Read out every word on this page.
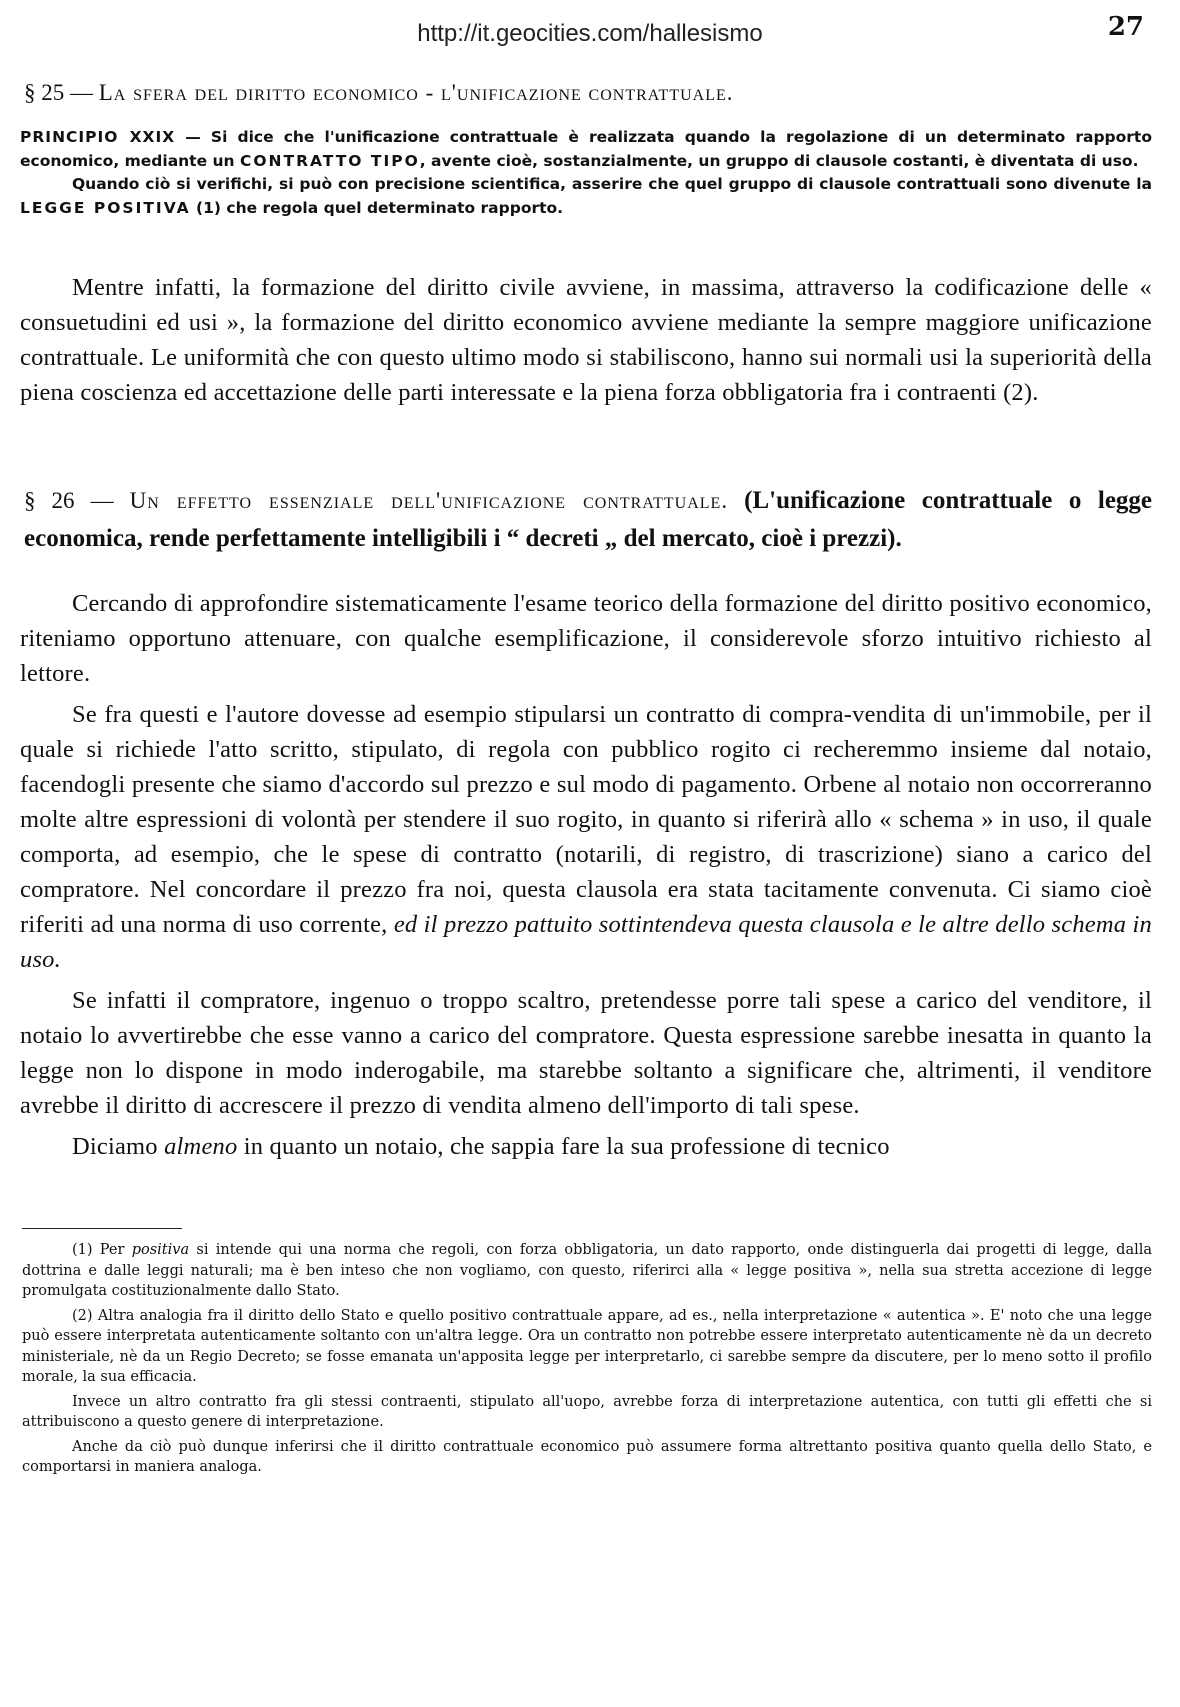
http://it.geocities.com/hallesismo	27
§ 25 — La sfera del diritto economico - l'unificazione contrattuale.

PRINCIPIO XXIX — Si dice che l'unificazione contrattuale è realizzata quando la regolazione di un determinato rapporto economico, mediante un CONTRATTO TIPO, avente cioè, sostanzialmente, un gruppo di clausole costanti, è diventata di uso.

Quando ciò si verifichi, si può con precisione scientifica, asserire che quel gruppo di clausole contrattuali sono divenute la LEGGE POSITIVA (1) che regola quel determinato rapporto.

Mentre infatti, la formazione del diritto civile avviene, in massima, attraverso la codificazione delle « consuetudini ed usi », la formazione del diritto economico avviene mediante la sempre maggiore unificazione contrattuale. Le uniformità che con questo ultimo modo si stabiliscono, hanno sui normali usi la superiorità della piena coscienza ed accettazione delle parti interessate e la piena forza obbligatoria fra i contraenti (2).

§ 26 — Un effetto essenziale dell'unificazione contrattuale. (L'unificazione contrattuale o legge economica, rende perfettamente intelligibili i “ decreti „ del mercato, cioè i prezzi).

Cercando di approfondire sistematicamente l'esame teorico della formazione del diritto positivo economico, riteniamo opportuno attenuare, con qualche esemplificazione, il considerevole sforzo intuitivo richiesto al lettore.

Se fra questi e l'autore dovesse ad esempio stipularsi un contratto di compra-vendita di un'immobile, per il quale si richiede l'atto scritto, stipulato, di regola con pubblico rogito ci recheremmo insieme dal notaio, facendogli presente che siamo d'accordo sul prezzo e sul modo di pagamento. Orbene al notaio non occorreranno molte altre espressioni di volontà per stendere il suo rogito, in quanto si riferirà allo « schema » in uso, il quale comporta, ad esempio, che le spese di contratto (notarili, di registro, di trascrizione) siano a carico del compratore. Nel concordare il prezzo fra noi, questa clausola era stata tacitamente convenuta. Ci siamo cioè riferiti ad una norma di uso corrente, ed il prezzo pattuito sottintendeva questa clausola e le altre dello schema in uso.

Se infatti il compratore, ingenuo o troppo scaltro, pretendesse porre tali spese a carico del venditore, il notaio lo avvertirebbe che esse vanno a carico del compratore. Questa espressione sarebbe inesatta in quanto la legge non lo dispone in modo inderogabile, ma starebbe soltanto a significare che, altrimenti, il venditore avrebbe il diritto di accrescere il prezzo di vendita almeno dell'importo di tali spese.

Diciamo almeno in quanto un notaio, che sappia fare la sua professione di tecnico

(1) Per positiva si intende qui una norma che regoli, con forza obbligatoria, un dato rapporto, onde distinguerla dai progetti di legge, dalla dottrina e dalle leggi naturali; ma è ben inteso che non vogliamo, con questo, riferirci alla « legge positiva », nella sua stretta accezione di legge promulgata costituzionalmente dallo Stato.

(2) Altra analogia fra il diritto dello Stato e quello positivo contrattuale appare, ad es., nella interpretazione « autentica ». E' noto che una legge può essere interpretata autenticamente soltanto con un'altra legge. Ora un contratto non potrebbe essere interpretato autenticamente nè da un decreto ministeriale, nè da un Regio Decreto; se fosse emanata un'apposita legge per interpretarlo, ci sarebbe sempre da discutere, per lo meno sotto il profilo morale, la sua efficacia.

Invece un altro contratto fra gli stessi contraenti, stipulato all'uopo, avrebbe forza di interpretazione autentica, con tutti gli effetti che si attribuiscono a questo genere di interpretazione.

Anche da ciò può dunque inferirsi che il diritto contrattuale economico può assumere forma altrettanto positiva quanto quella dello Stato, e comportarsi in maniera analoga.
